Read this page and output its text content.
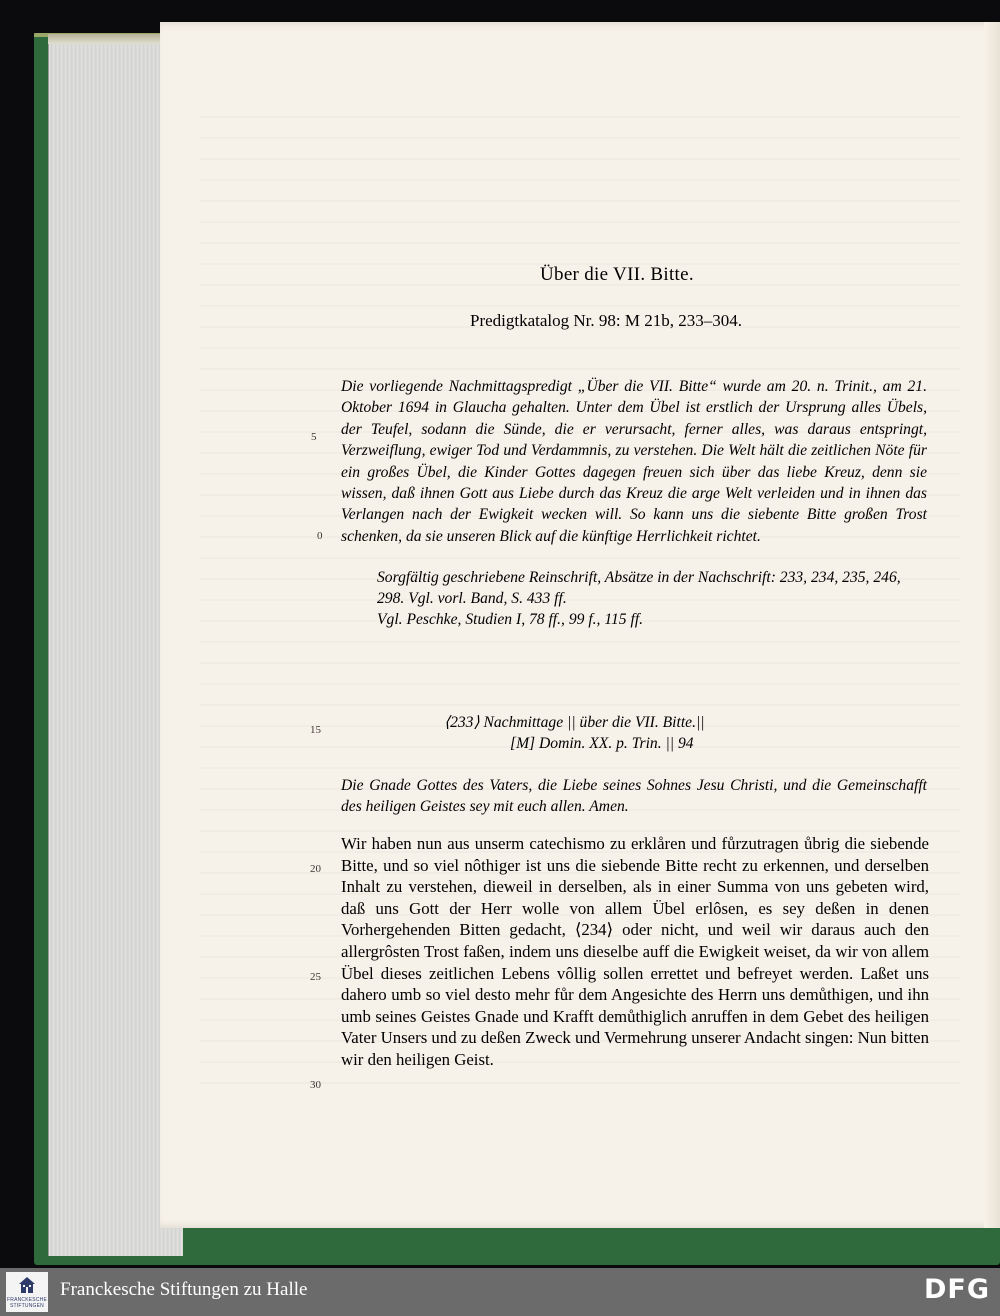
Über die VII. Bitte.
Predigtkatalog Nr. 98: M 21b, 233–304.

Die vorliegende Nachmittagspredigt „Über die VII. Bitte“ wurde am 20. n. Trinit., am 21. Oktober 1694 in Glaucha gehalten. Unter dem Übel ist erstlich der Ursprung alles Übels, der Teufel, sodann die Sünde, die er verursacht, ferner alles, was daraus entspringt, Verzweiflung, ewiger Tod und Verdammnis, zu verstehen. Die Welt hält die zeitlichen Nöte für ein großes Übel, die Kinder Gottes dagegen freuen sich über das liebe Kreuz, denn sie wissen, daß ihnen Gott aus Liebe durch das Kreuz die arge Welt verleiden und in ihnen das Verlangen nach der Ewigkeit wecken will. So kann uns die siebente Bitte großen Trost schenken, da sie unseren Blick auf die künftige Herrlichkeit richtet.

Sorgfältig geschriebene Reinschrift, Absätze in der Nachschrift: 233, 234, 235, 246, 298. Vgl. vorl. Band, S. 433 ff.
Vgl. Peschke, Studien I, 78 ff., 99 f., 115 ff.
⟨233⟩ Nachmittage || über die VII. Bitte.||
[M] Domin. XX. p. Trin. || 94
Die Gnade Gottes des Vaters, die Liebe seines Sohnes Jesu Christi, und die Gemeinschafft des heiligen Geistes sey mit euch allen. Amen.
Wir haben nun aus unserm catechismo zu erklåren und fůrzutragen ůbrig die siebende Bitte, und so viel nôthiger ist uns die siebende Bitte recht zu erkennen, und derselben Inhalt zu verstehen, dieweil in derselben, als in einer Summa von uns gebeten wird, daß uns Gott der Herr wolle von allem Übel erlôsen, es sey deßen in denen Vorhergehenden Bitten gedacht, ⟨234⟩ oder nicht, und weil wir daraus auch den allergrôsten Trost faßen, indem uns dieselbe auff die Ewigkeit weiset, da wir von allem Übel dieses zeitlichen Lebens vôllig sollen errettet und befreyet werden. Laßet uns dahero umb so viel desto mehr fůr dem Angesichte des Herrn uns demůthigen, und ihn umb seines Geistes Gnade und Krafft demůthiglich anruffen in dem Gebet des heiligen Vater Unsers und zu deßen Zweck und Vermehrung unserer Andacht singen: Nun bitten wir den heiligen Geist.
5
0
15
20
25
30
FRANCKESCHE
STIFTUNGEN
Franckesche Stiftungen zu Halle	DFG
